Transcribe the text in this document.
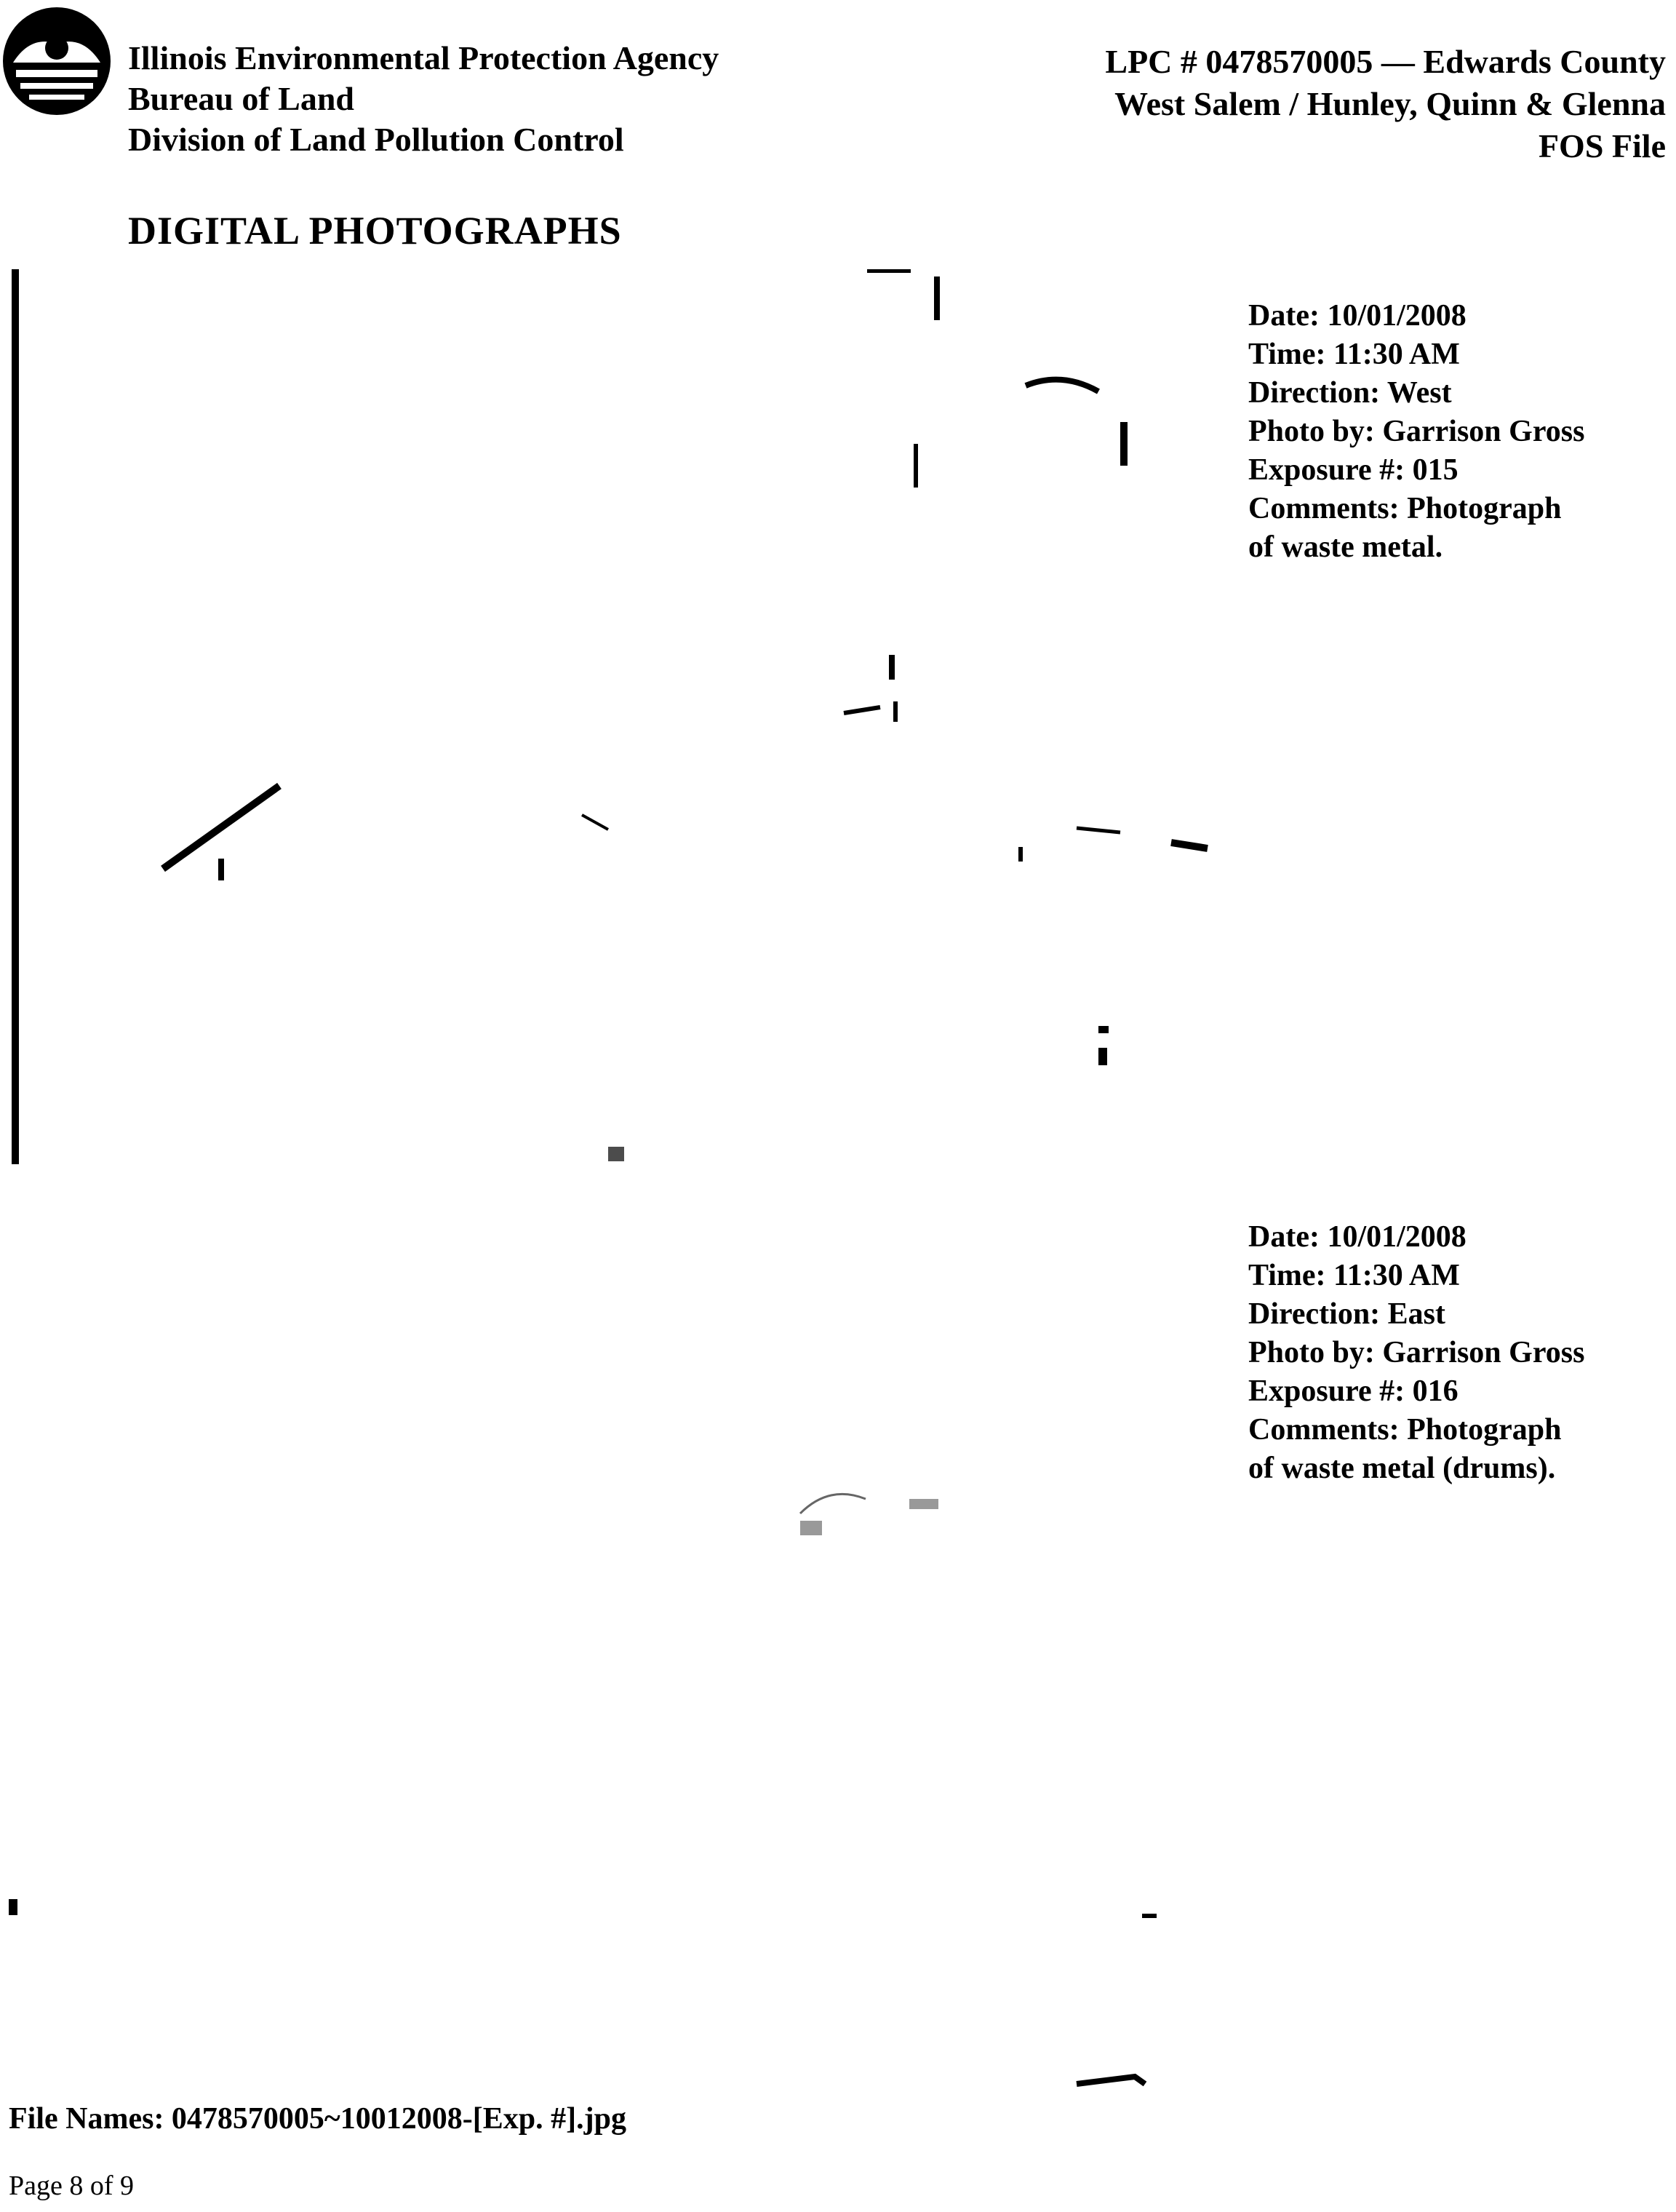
Illinois Environmental Protection Agency
Bureau of Land
Division of Land Pollution Control
LPC # 0478570005 — Edwards County
West Salem / Hunley, Quinn & Glenna
FOS File
DIGITAL PHOTOGRAPHS
Date: 10/01/2008
Time: 11:30 AM
Direction: West
Photo by: Garrison Gross
Exposure #: 015
Comments: Photograph
of waste metal.
Date: 10/01/2008
Time: 11:30 AM
Direction: East
Photo by: Garrison Gross
Exposure #: 016
Comments: Photograph
of waste metal (drums).
File Names: 0478570005~10012008-[Exp. #].jpg
Page 8 of 9
